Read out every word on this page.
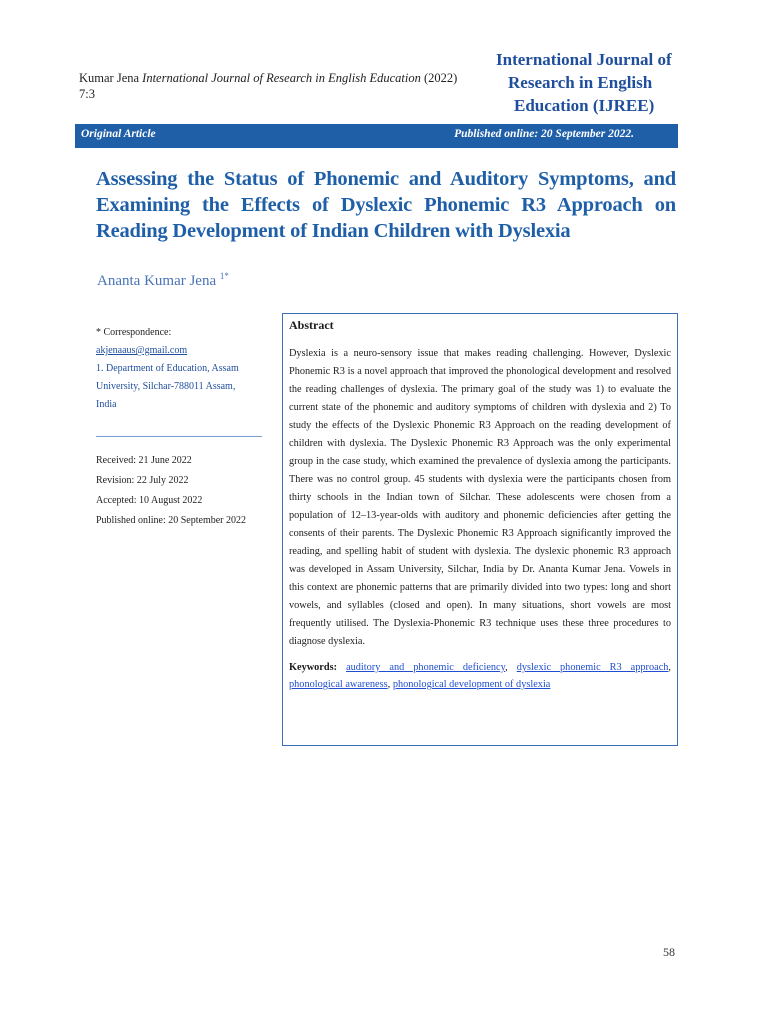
Kumar Jena International Journal of Research in English Education (2022)
7:3
International Journal of
Research in English
Education (IJREE)
Original Article	Published online: 20 September 2022.
Assessing the Status of Phonemic and Auditory Symptoms, and Examining the Effects of Dyslexic Phonemic R3 Approach on Reading Development of Indian Children with Dyslexia
Ananta Kumar Jena $^{1*}$
* Correspondence:
akjenaaus@gmail.com
1. Department of Education, Assam University, Silchar-788011 Assam, India
Received: 21 June 2022
Revision: 22 July 2022
Accepted: 10 August 2022
Published online: 20 September 2022
Abstract
Dyslexia is a neuro-sensory issue that makes reading challenging. However, Dyslexic Phonemic R3 is a novel approach that improved the phonological development and resolved the reading challenges of dyslexia. The primary goal of the study was 1) to evaluate the current state of the phonemic and auditory symptoms of children with dyslexia and 2) To study the effects of the Dyslexic Phonemic R3 Approach on the reading development of children with dyslexia. The Dyslexic Phonemic R3 Approach was the only experimental group in the case study, which examined the prevalence of dyslexia among the participants. There was no control group. 45 students with dyslexia were the participants chosen from thirty schools in the Indian town of Silchar. These adolescents were chosen from a population of 12–13-year-olds with auditory and phonemic deficiencies after getting the consents of their parents. The Dyslexic Phonemic R3 Approach significantly improved the reading, and spelling habit of student with dyslexia. The dyslexic phonemic R3 approach was developed in Assam University, Silchar, India by Dr. Ananta Kumar Jena. Vowels in this context are phonemic patterns that are primarily divided into two types: long and short vowels, and syllables (closed and open). In many situations, short vowels are most frequently utilised. The Dyslexia-Phonemic R3 technique uses these three procedures to diagnose dyslexia.
Keywords: auditory and phonemic deficiency, dyslexic phonemic R3 approach, phonological awareness, phonological development of dyslexia
58
